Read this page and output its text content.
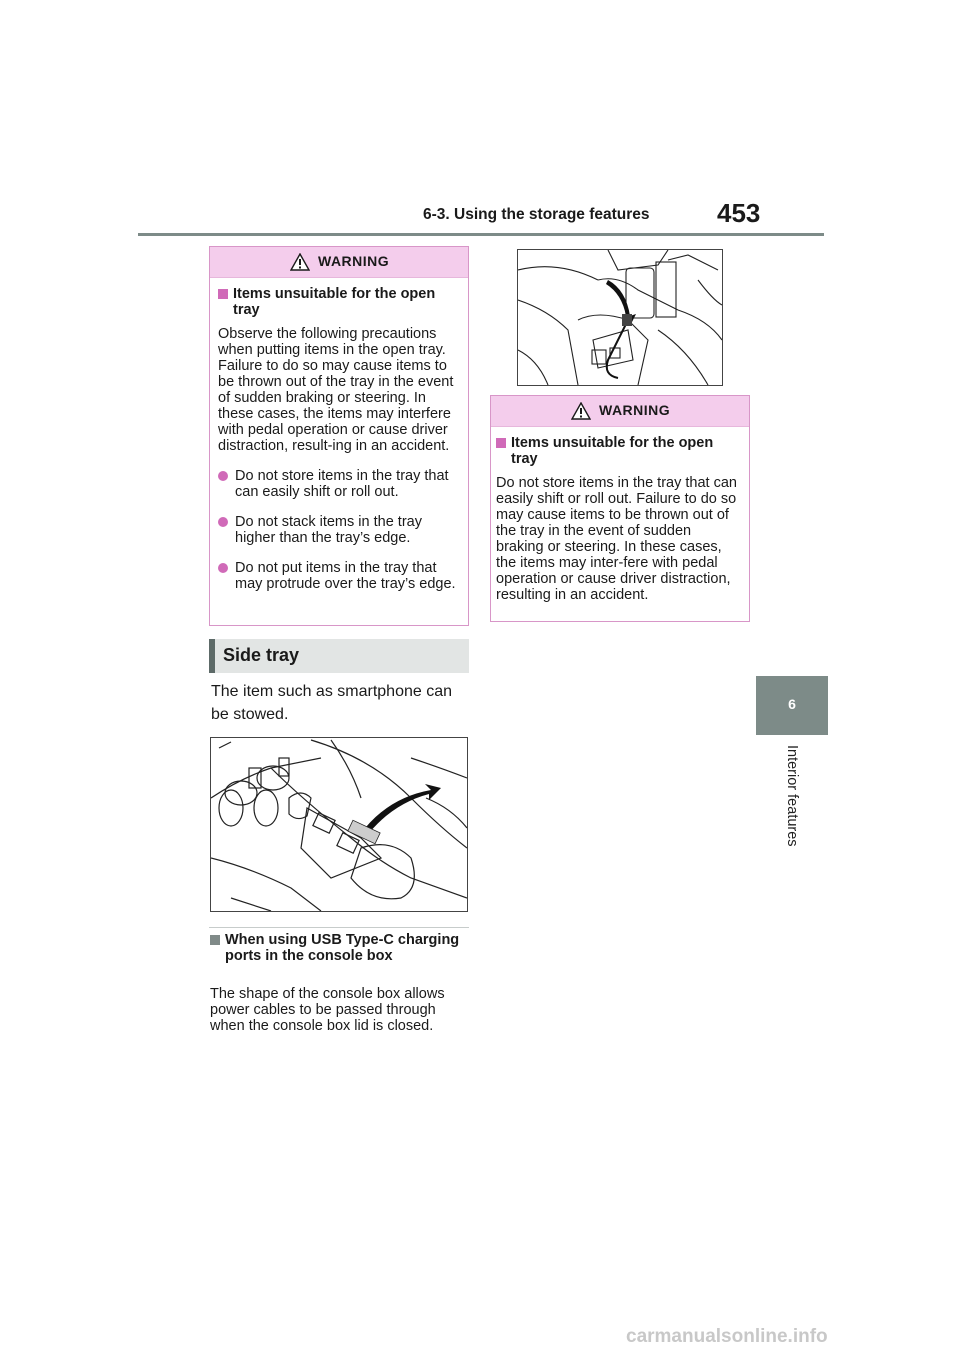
6-3. Using the storage features	453
6
Interior features
WARNING
Items unsuitable for the open tray
Observe the following precautions when putting items in the open tray. Failure to do so may cause items to be thrown out of the tray in the event of sudden braking or steering. In these cases, the items may interfere with pedal operation or cause driver distraction, result-ing in an accident.
Do not store items in the tray that can easily shift or roll out.
Do not stack items in the tray higher than the tray’s edge.
Do not put items in the tray that may protrude over the tray’s edge.
Side tray
The item such as smartphone can be stowed.
When using USB Type-C charging ports in the console box
The shape of the console box allows power cables to be passed through when the console box lid is closed.
WARNING
Items unsuitable for the open tray
Do not store items in the tray that can easily shift or roll out. Failure to do so may cause items to be thrown out of the tray in the event of sudden braking or steering. In these cases, the items may inter-fere with pedal operation or cause driver distraction, resulting in an accident.
carmanualsonline.info
